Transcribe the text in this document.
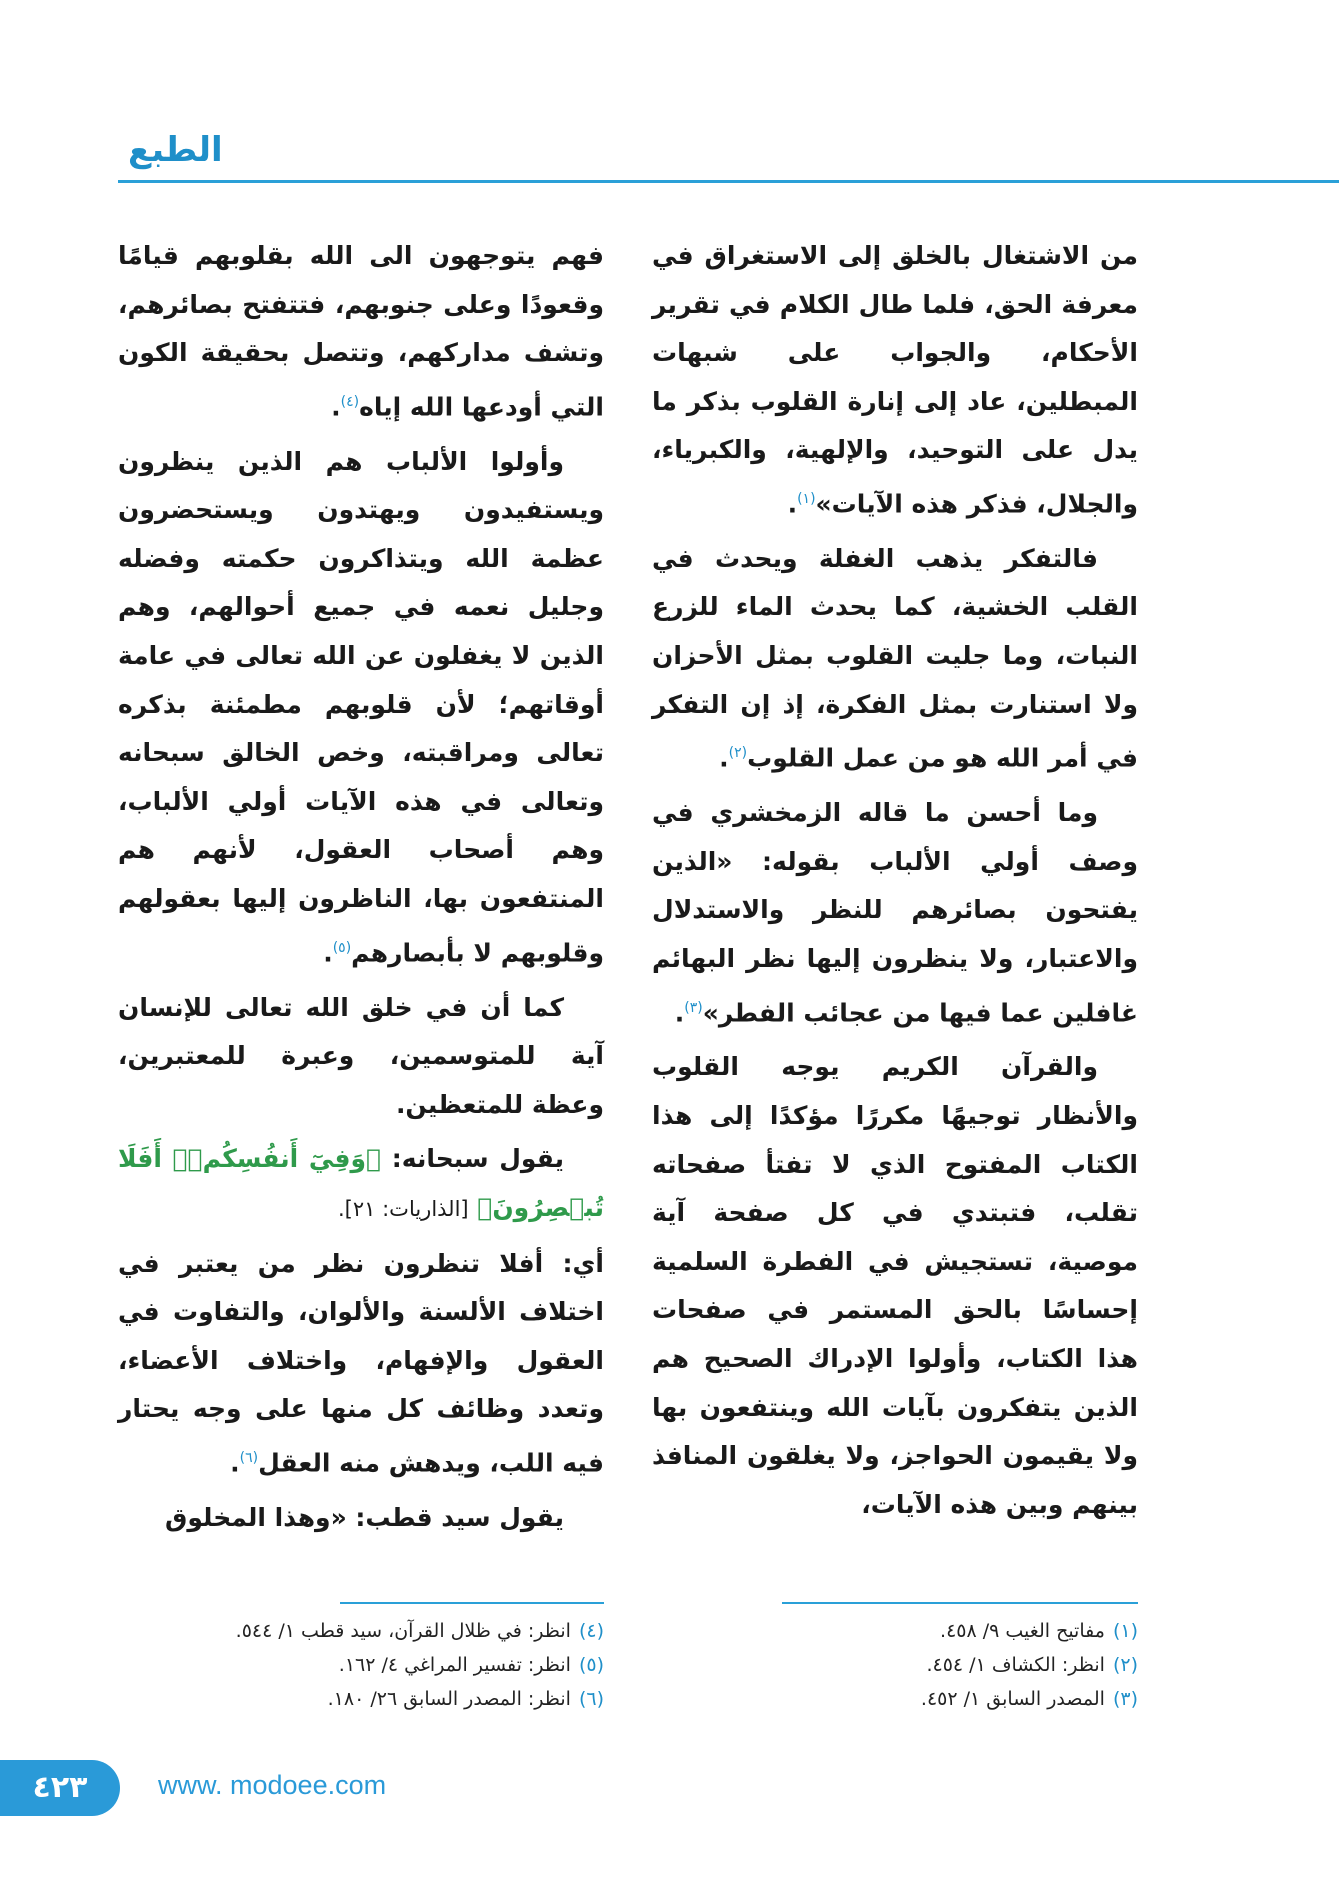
الطبع

من الاشتغال بالخلق إلى الاستغراق في معرفة الحق، فلما طال الكلام في تقرير الأحكام، والجواب على شبهات المبطلين، عاد إلى إنارة القلوب بذكر ما يدل على التوحيد، والإلهية، والكبرياء، والجلال، فذكر هذه الآيات»$^{(١)}$.

فالتفكر يذهب الغفلة ويحدث في القلب الخشية، كما يحدث الماء للزرع النبات، وما جليت القلوب بمثل الأحزان ولا استنارت بمثل الفكرة، إذ إن التفكر في أمر الله هو من عمل القلوب$^{(٢)}$.

وما أحسن ما قاله الزمخشري في وصف أولي الألباب بقوله: «الذين يفتحون بصائرهم للنظر والاستدلال والاعتبار، ولا ينظرون إليها نظر البهائم غافلين عما فيها من عجائب الفطر»$^{(٣)}$.

والقرآن الكريم يوجه القلوب والأنظار توجيهًا مكررًا مؤكدًا إلى هذا الكتاب المفتوح الذي لا تفتأ صفحاته تقلب، فتبتدي في كل صفحة آية موصية، تستجيش في الفطرة السلمية إحساسًا بالحق المستمر في صفحات هذا الكتاب، وأولوا الإدراك الصحيح هم الذين يتفكرون بآيات الله وينتفعون بها ولا يقيمون الحواجز، ولا يغلقون المنافذ بينهم وبين هذه الآيات،

فهم يتوجهون الى الله بقلوبهم قيامًا وقعودًا وعلى جنوبهم، فتتفتح بصائرهم، وتشف مداركهم، وتتصل بحقيقة الكون التي أودعها الله إياه$^{(٤)}$.

وأولوا الألباب هم الذين ينظرون ويستفيدون ويهتدون ويستحضرون عظمة الله ويتذاكرون حكمته وفضله وجليل نعمه في جميع أحوالهم، وهم الذين لا يغفلون عن الله تعالى في عامة أوقاتهم؛ لأن قلوبهم مطمئنة بذكره تعالى ومراقبته، وخص الخالق سبحانه وتعالى في هذه الآيات أولي الألباب، وهم أصحاب العقول، لأنهم هم المنتفعون بها، الناظرون إليها بعقولهم وقلوبهم لا بأبصارهم$^{(٥)}$.

كما أن في خلق الله تعالى للإنسان آية للمتوسمين، وعبرة للمعتبرين، وعظة للمتعظين.

يقول سبحانه: ﴿وَفِيٓ أَنفُسِكُمۡۚ أَفَلَا تُبۡصِرُونَ﴾ [الذاريات: ٢١].

أي: أفلا تنظرون نظر من يعتبر في اختلاف الألسنة والألوان، والتفاوت في العقول والإفهام، واختلاف الأعضاء، وتعدد وظائف كل منها على وجه يحتار فيه اللب، ويدهش منه العقل$^{(٦)}$.

يقول سيد قطب: «وهذا المخلوق

(١)مفاتيح الغيب ٩/ ٤٥٨.
(٢)انظر: الكشاف ١/ ٤٥٤.
(٣)المصدر السابق ١/ ٤٥٢.
(٤)انظر: في ظلال القرآن، سيد قطب ١/ ٥٤٤.
(٥)انظر: تفسير المراغي ٤/ ١٦٢.
(٦)انظر: المصدر السابق ٢٦/ ١٨٠.
٤٢٣	www. modoee.com
